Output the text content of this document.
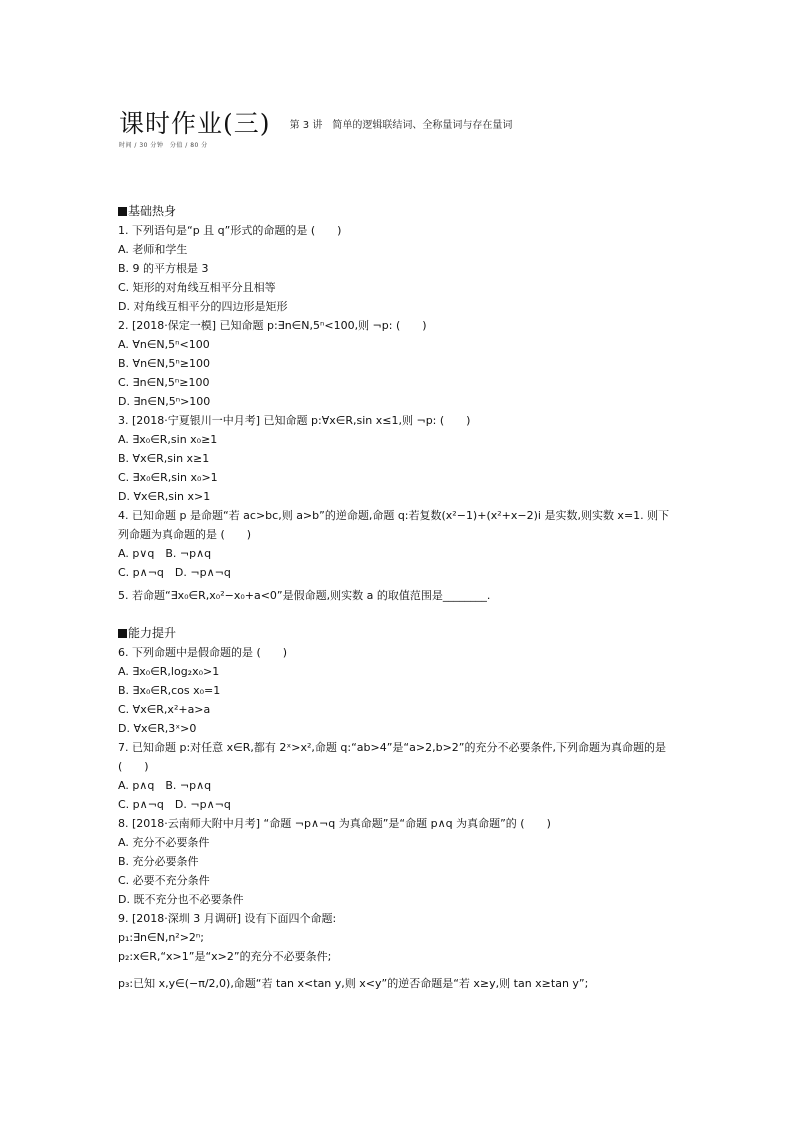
课时作业(三) $^{第 3 讲 简单的逻辑联结词、全称量词与存在量词}$
时间 / 30 分钟　分值 / 80 分
基础热身
1. 下列语句是“p 且 q”形式的命题的是 (　　)
A. 老师和学生
B. 9 的平方根是 3
C. 矩形的对角线互相平分且相等
D. 对角线互相平分的四边形是矩形
2. [2018·保定一模] 已知命题 p:∃n∈N,5ⁿ<100,则 ¬p: (　　)
A. ∀n∈N,5ⁿ<100
B. ∀n∈N,5ⁿ≥100
C. ∃n∈N,5ⁿ≥100
D. ∃n∈N,5ⁿ>100
3. [2018·宁夏银川一中月考] 已知命题 p:∀x∈R,sin x≤1,则 ¬p: (　　)
A. ∃x₀∈R,sin x₀≥1
B. ∀x∈R,sin x≥1
C. ∃x₀∈R,sin x₀>1
D. ∀x∈R,sin x>1
4. 已知命题 p 是命题“若 ac>bc,则 a>b”的逆命题,命题 q:若复数(x²−1)+(x²+x−2)i 是实数,则实数 x=1. 则下列命题为真命题的是 (　　)
A. p∨q　B. ¬p∧q
C. p∧¬q　D. ¬p∧¬q
5. 若命题“∃x₀∈R,x₀²−x₀+a<0”是假命题,则实数 a 的取值范围是________.
能力提升
6. 下列命题中是假命题的是 (　　)
A. ∃x₀∈R,log₂x₀>1
B. ∃x₀∈R,cos x₀=1
C. ∀x∈R,x²+a>a
D. ∀x∈R,3ˣ>0
7. 已知命题 p:对任意 x∈R,都有 2ˣ>x²,命题 q:“ab>4”是“a>2,b>2”的充分不必要条件,下列命题为真命题的是 (　　)
A. p∧q　B. ¬p∧q
C. p∧¬q　D. ¬p∧¬q
8. [2018·云南师大附中月考] “命题 ¬p∧¬q 为真命题”是“命题 p∧q 为真命题”的 (　　)
A. 充分不必要条件
B. 充分必要条件
C. 必要不充分条件
D. 既不充分也不必要条件
9. [2018·深圳 3 月调研] 设有下面四个命题:
p₁:∃n∈N,n²>2ⁿ;
p₂:x∈R,“x>1”是“x>2”的充分不必要条件;
p₃:已知 x,y∈(−π/2,0),命题“若 tan x<tan y,则 x<y”的逆否命题是“若 x≥y,则 tan x≥tan y”;
